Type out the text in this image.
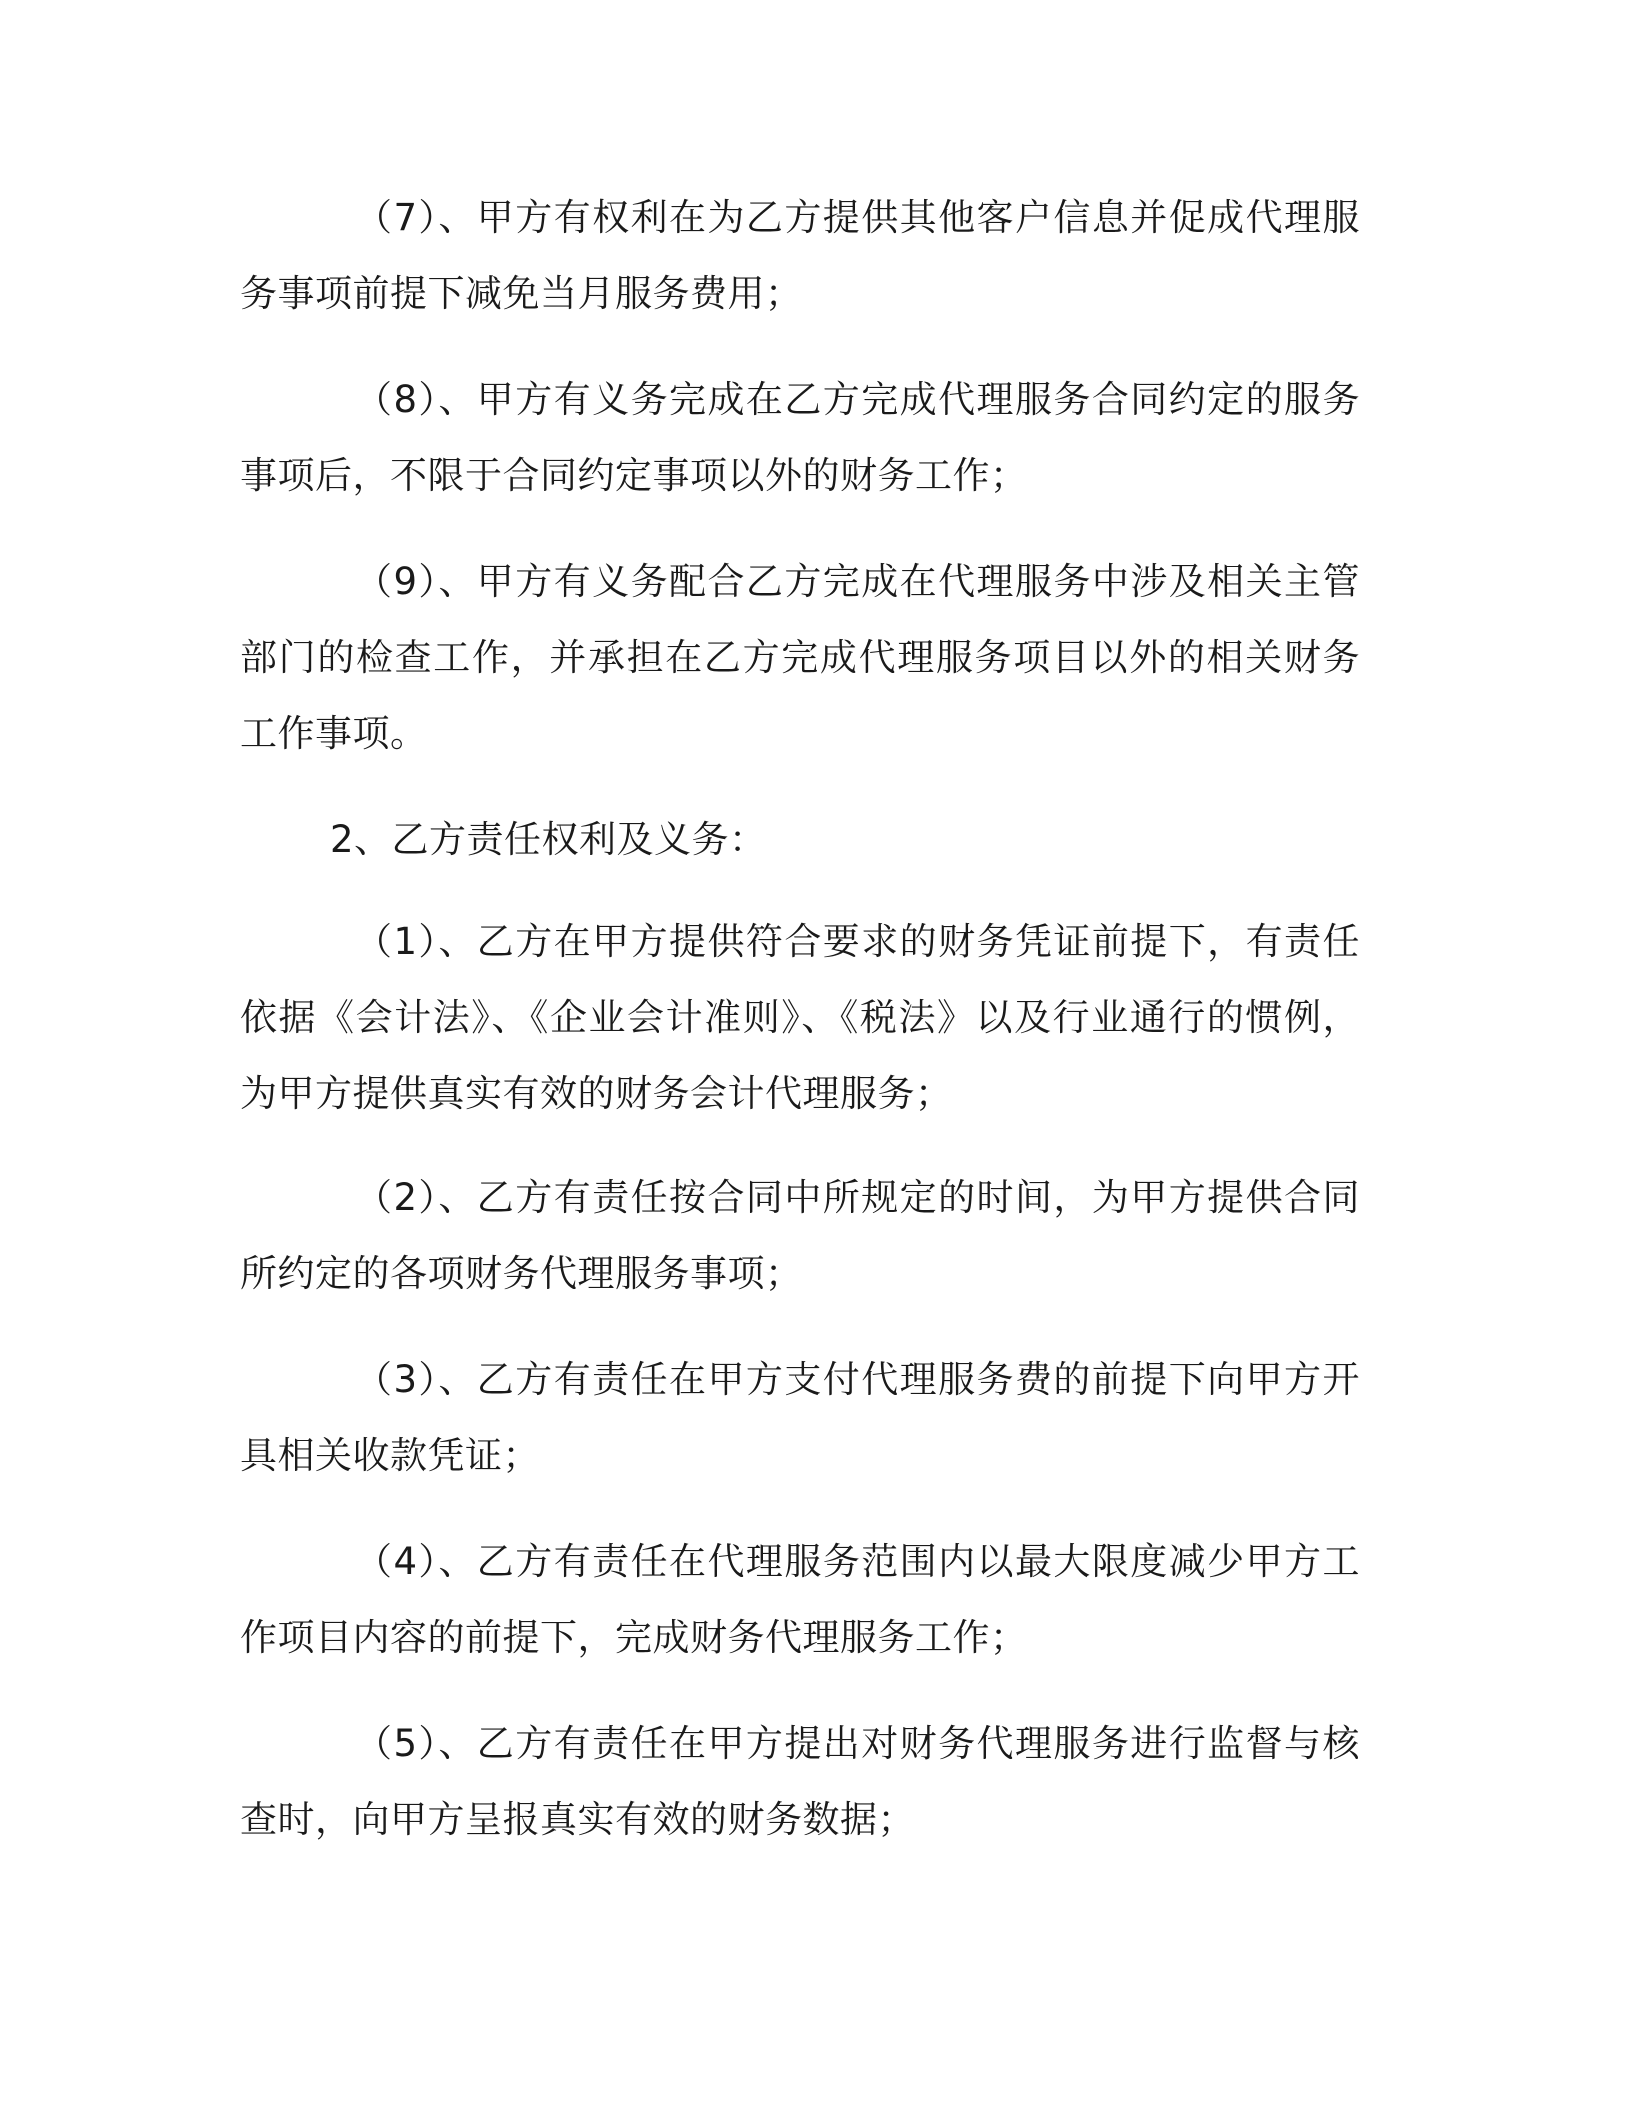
（7）、甲方有权利在为乙方提供其他客户信息并促成代理服务事项前提下减免当月服务费用；

（8）、甲方有义务完成在乙方完成代理服务合同约定的服务事项后，不限于合同约定事项以外的财务工作；

（9）、甲方有义务配合乙方完成在代理服务中涉及相关主管部门的检查工作，并承担在乙方完成代理服务项目以外的相关财务工作事项。

2、乙方责任权利及义务：

（1）、乙方在甲方提供符合要求的财务凭证前提下，有责任依据《会计法》、《企业会计准则》、《税法》以及行业通行的惯例，为甲方提供真实有效的财务会计代理服务；

（2）、乙方有责任按合同中所规定的时间，为甲方提供合同所约定的各项财务代理服务事项；

（3）、乙方有责任在甲方支付代理服务费的前提下向甲方开具相关收款凭证；

（4）、乙方有责任在代理服务范围内以最大限度减少甲方工作项目内容的前提下，完成财务代理服务工作；

（5）、乙方有责任在甲方提出对财务代理服务进行监督与核查时，向甲方呈报真实有效的财务数据；
